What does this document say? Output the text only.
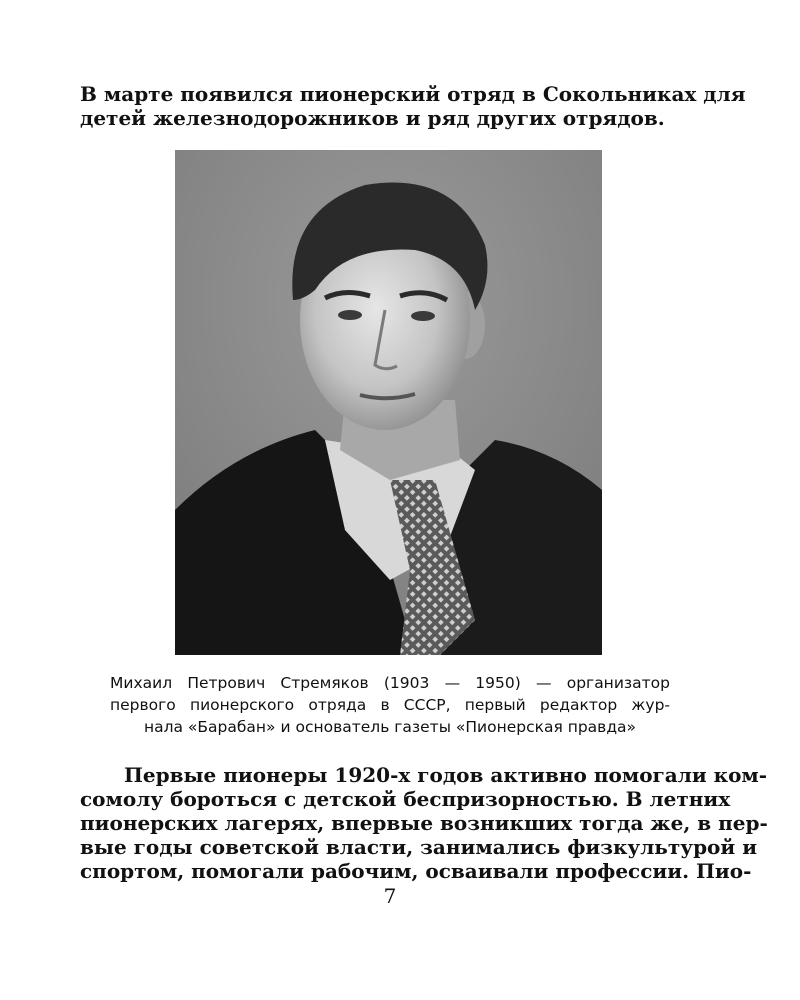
В марте появился пионерский отряд в Сокольниках для
детей железнодорожников и ряд других отрядов.

Михаил Петрович Стремяков (1903 — 1950) — организатор
первого пионерского отряда в СССР, первый редактор жур-
нала «Барабан» и основатель газеты «Пионерская правда»

Первые пионеры 1920-х годов активно помогали ком-
сомолу бороться с детской беспризорностью. В летних
пионерских лагерях, впервые возникших тогда же, в пер-
вые годы советской власти, занимались физкультурой и
спортом, помогали рабочим, осваивали профессии. Пио-

7
